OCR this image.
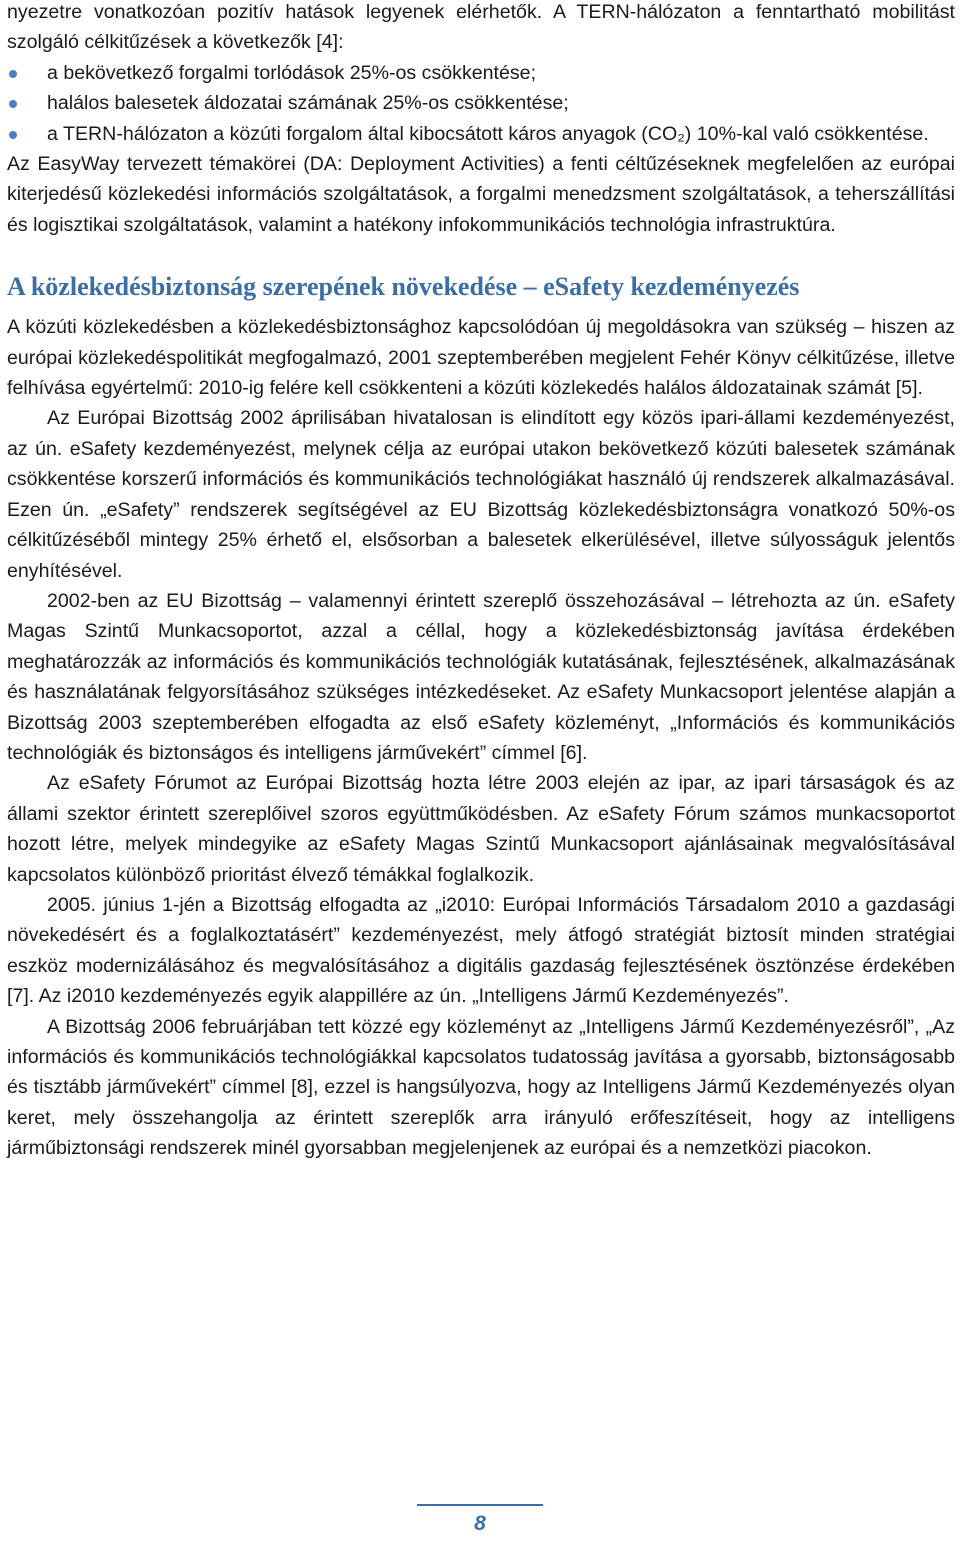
nyezetre vonatkozóan pozitív hatások legyenek elérhetők. A TERN-hálózaton a fenntartható mobilitást szolgáló célkitűzések a következők [4]:

a bekövetkező forgalmi torlódások 25%-os csökkentése;
halálos balesetek áldozatai számának 25%-os csökkentése;
a TERN-hálózaton a közúti forgalom által kibocsátott káros anyagok (CO₂) 10%-kal való csökkentése.

Az EasyWay tervezett témakörei (DA: Deployment Activities) a fenti céltűzéseknek megfelelően az európai kiterjedésű közlekedési információs szolgáltatások, a forgalmi menedzsment szolgáltatások, a teherszállítási és logisztikai szolgáltatások, valamint a hatékony infokommunikációs technológia infrastruktúra.

A közlekedésbiztonság szerepének növekedése – eSafety kezdeményezés

A közúti közlekedésben a közlekedésbiztonsághoz kapcsolódóan új megoldásokra van szükség – hiszen az európai közlekedéspolitikát megfogalmazó, 2001 szeptemberében megjelent Fehér Könyv célkitűzése, illetve felhívása egyértelmű: 2010-ig felére kell csökkenteni a közúti közlekedés halálos áldozatainak számát [5].

Az Európai Bizottság 2002 áprilisában hivatalosan is elindított egy közös ipari-állami kezdeményezést, az ún. eSafety kezdeményezést, melynek célja az európai utakon bekövetkező közúti balesetek számának csökkentése korszerű információs és kommunikációs technológiákat használó új rendszerek alkalmazásával. Ezen ún. „eSafety” rendszerek segítségével az EU Bizottság közlekedésbiztonságra vonatkozó 50%-os célkitűzéséből mintegy 25% érhető el, elsősorban a balesetek elkerülésével, illetve súlyosságuk jelentős enyhítésével.

2002-ben az EU Bizottság – valamennyi érintett szereplő összehozásával – létrehozta az ún. eSafety Magas Szintű Munkacsoportot, azzal a céllal, hogy a közlekedésbiztonság javítása érdekében meghatározzák az információs és kommunikációs technológiák kutatásának, fejlesztésének, alkalmazásának és használatának felgyorsításához szükséges intézkedéseket. Az eSafety Munkacsoport jelentése alapján a Bizottság 2003 szeptemberében elfogadta az első eSafety közleményt, „Információs és kommunikációs technológiák és biztonságos és intelligens járművekért” címmel [6].

Az eSafety Fórumot az Európai Bizottság hozta létre 2003 elején az ipar, az ipari társaságok és az állami szektor érintett szereplőivel szoros együttműködésben. Az eSafety Fórum számos munkacsoportot hozott létre, melyek mindegyike az eSafety Magas Szintű Munkacsoport ajánlásainak megvalósításával kapcsolatos különböző prioritást élvező témákkal foglalkozik.

2005. június 1-jén a Bizottság elfogadta az „i2010: Európai Információs Társadalom 2010 a gazdasági növekedésért és a foglalkoztatásért” kezdeményezést, mely átfogó stratégiát biztosít minden stratégiai eszköz modernizálásához és megvalósításához a digitális gazdaság fejlesztésének ösztönzése érdekében [7]. Az i2010 kezdeményezés egyik alappillére az ún. „Intelligens Jármű Kezdeményezés”.

A Bizottság 2006 februárjában tett közzé egy közleményt az „Intelligens Jármű Kezdeményezésről”, „Az információs és kommunikációs technológiákkal kapcsolatos tudatosság javítása a gyorsabb, biztonságosabb és tisztább járművekért” címmel [8], ezzel is hangsúlyozva, hogy az Intelligens Jármű Kezdeményezés olyan keret, mely összehangolja az érintett szereplők arra irányuló erőfeszítéseit, hogy az intelligens járműbiztonsági rendszerek minél gyorsabban megjelenjenek az európai és a nemzetközi piacokon.

8
